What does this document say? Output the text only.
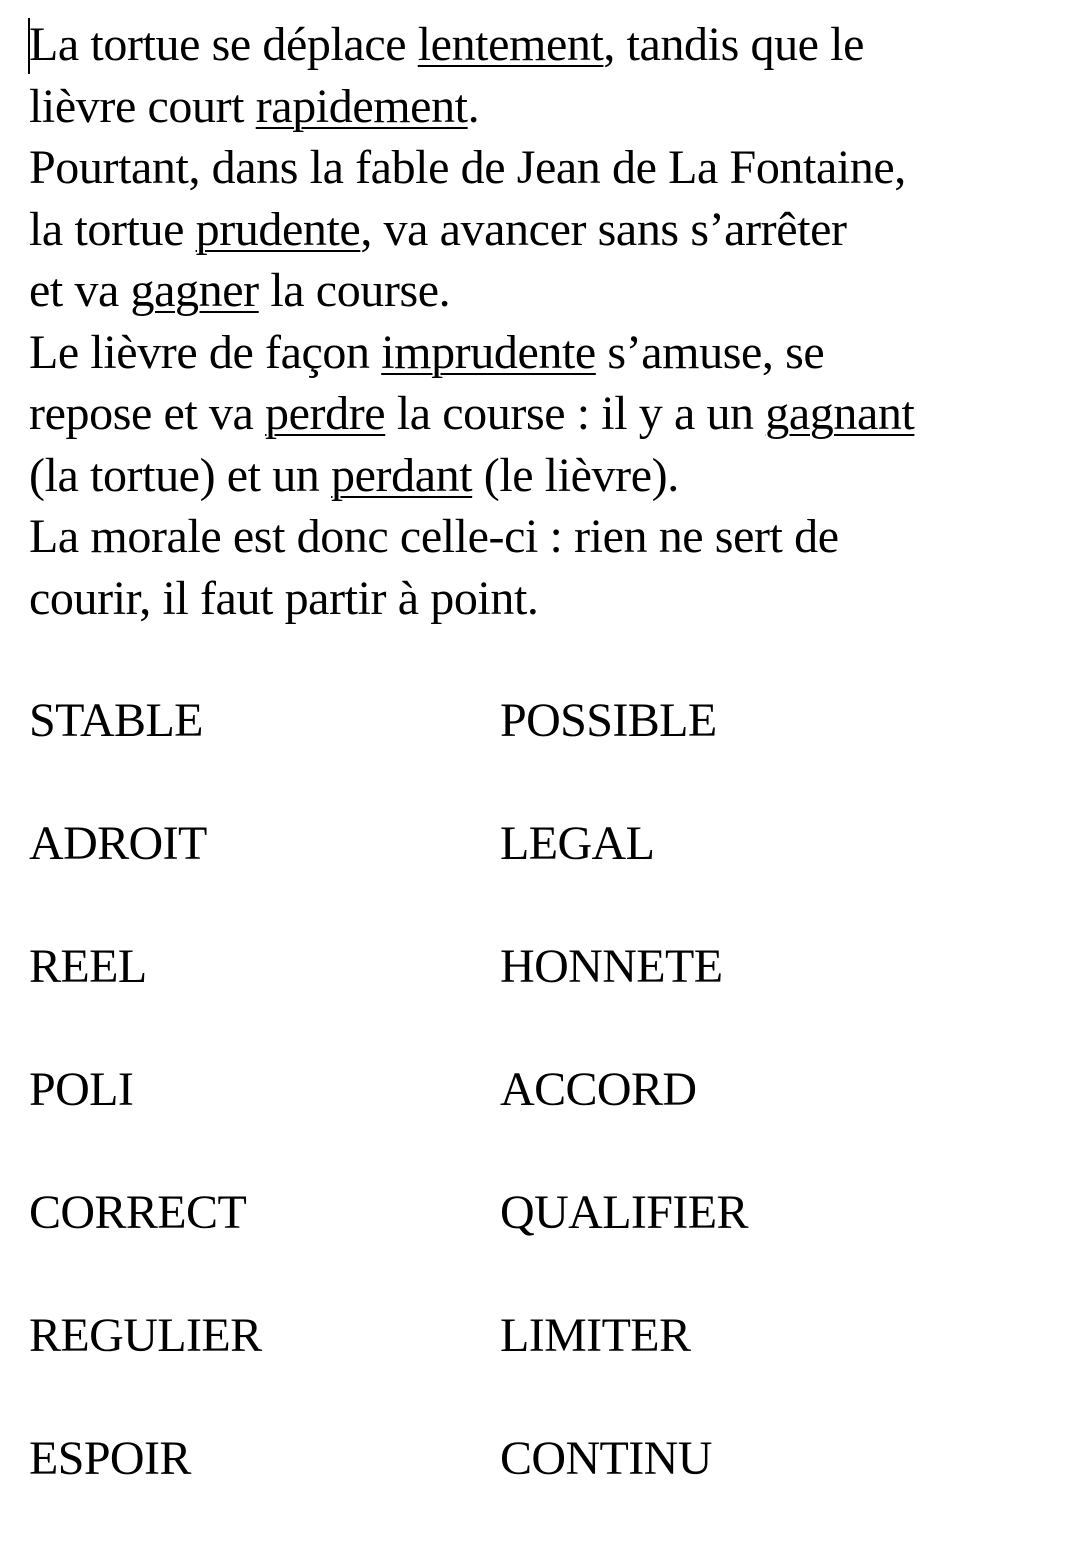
La tortue se déplace lentement, tandis que le
lièvre court rapidement.
Pourtant, dans la fable de Jean de La Fontaine,
la tortue prudente, va avancer sans s’arrêter
et va gagner la course.
Le lièvre de façon imprudente s’amuse, se
repose et va perdre la course : il y a un gagnant
(la tortue) et un perdant (le lièvre).
La morale est donc celle-ci : rien ne sert de
courir, il faut partir à point.
STABLE	POSSIBLE
ADROIT	LEGAL
REEL	HONNETE
POLI	ACCORD
CORRECT	QUALIFIER
REGULIER	LIMITER
ESPOIR	CONTINU
